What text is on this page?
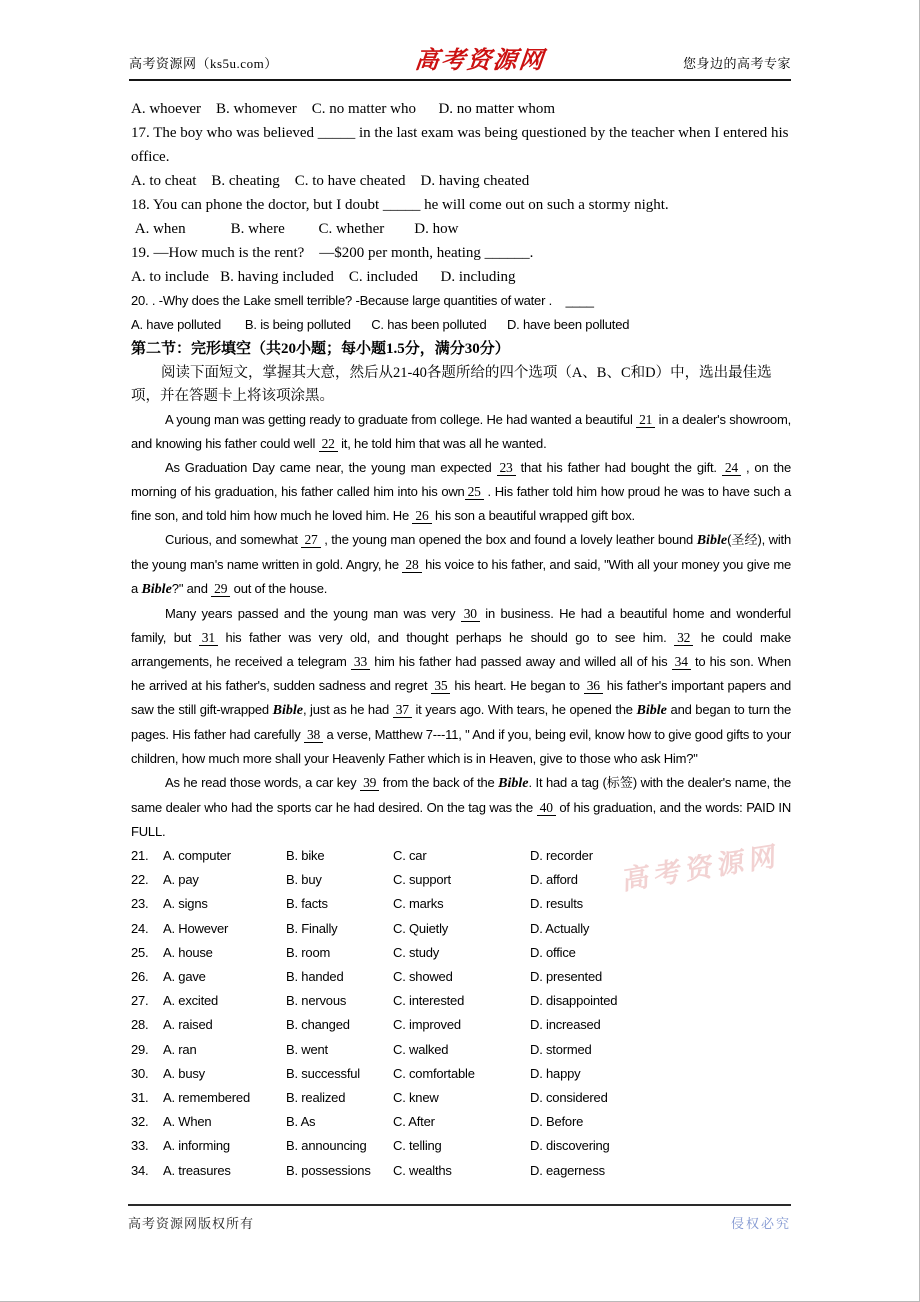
高考资源网（ks5u.com）	高考资源网	您身边的高考专家
A. whoever    B. whomever    C. no matter who      D. no matter whom
17. The boy who was believed _____ in the last exam was being questioned by the teacher when I entered his office.
A. to cheat    B. cheating    C. to have cheated    D. having cheated
18. You can phone the doctor, but I doubt _____ he will come out on such a stormy night.
A. when            B. where         C. whether        D. how
19. —How much is the rent?    —$200 per month, heating ______.
A. to include   B. having included    C. included      D. including
20. . -Why does the Lake smell terrible? -Because large quantities of water .    ____
A. have polluted       B. is being polluted      C. has been polluted      D. have been polluted
第二节：完形填空（共20小题；每小题1.5分，满分30分）
阅读下面短文，掌握其大意，然后从21-40各题所给的四个选项（A、B、C和D）中，选出最佳选项，并在答题卡上将该项涂黑。

A young man was getting ready to graduate from college. He had wanted a beautiful 21 in a dealer's showroom, and knowing his father could well 22 it, he told him that was all he wanted.

As Graduation Day came near, the young man expected 23 that his father had bought the gift. 24 , on the morning of his graduation, his father called him into his own 25 . His father told him how proud he was to have such a fine son, and told him how much he loved him. He 26 his son a beautiful wrapped gift box.

Curious, and somewhat 27 , the young man opened the box and found a lovely leather bound Bible(圣经), with the young man's name written in gold. Angry, he 28 his voice to his father, and said, "With all your money you give me a Bible?" and 29 out of the house.

Many years passed and the young man was very 30 in business. He had a beautiful home and wonderful family, but 31 his father was very old, and thought perhaps he should go to see him. 32 he could make arrangements, he received a telegram 33 him his father had passed away and willed all of his 34 to his son. When he arrived at his father's, sudden sadness and regret 35 his heart. He began to 36 his father's important papers and saw the still gift-wrapped Bible, just as he had 37 it years ago. With tears, he opened the Bible and began to turn the pages. His father had carefully 38 a verse, Matthew 7---11, " And if you, being evil, know how to give good gifts to your children, how much more shall your Heavenly Father which is in Heaven, give to those who ask Him?"

As he read those words, a car key 39 from the back of the Bible. It had a tag (标签) with the dealer's name, the same dealer who had the sports car he had desired. On the tag was the 40 of his graduation, and the words: PAID IN FULL.

21.	A. computer	B. bike	C. car	D. recorder
22.	A. pay	B. buy	C. support	D. afford
23.	A. signs	B. facts	C. marks	D. results
24.	A. However	B. Finally	C. Quietly	D. Actually
25.	A. house	B. room	C. study	D. office
26.	A. gave	B. handed	C. showed	D. presented
27.	A. excited	B. nervous	C. interested	D. disappointed
28.	A. raised	B. changed	C. improved	D. increased
29.	A. ran	B. went	C. walked	D. stormed
30.	A. busy	B. successful	C. comfortable	D. happy
31.	A. remembered	B. realized	C. knew	D. considered
32.	A. When	B. As	C. After	D. Before
33.	A. informing	B. announcing	C. telling	D. discovering
34.	A. treasures	B. possessions	C. wealths	D. eagerness
高考资源网
高考资源网版权所有	侵权必究
